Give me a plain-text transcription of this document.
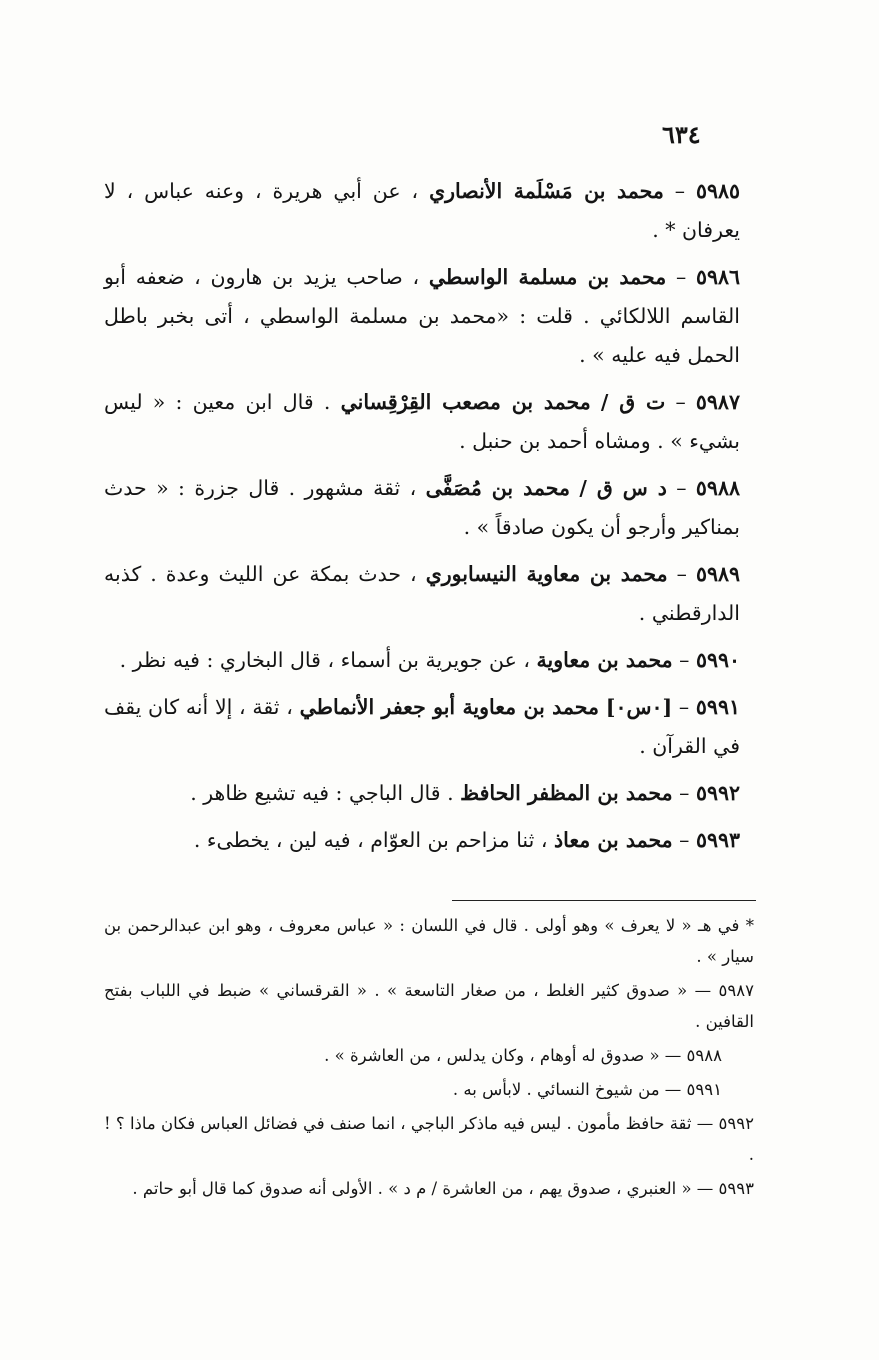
٦٣٤

٥٩٨٥ – محمد بن مَسْلَمة الأنصاري ، عن أبي هريرة ، وعنه عباس ، لا يعرفان * .

٥٩٨٦ – محمد بن مسلمة الواسطي ، صاحب يزيد بن هارون ، ضعفه أبو القاسم اللالكائي . قلت : «محمد بن مسلمة الواسطي ، أتى بخبر باطل الحمل فيه عليه » .

٥٩٨٧ – ت ق / محمد بن مصعب القِرْقِساني . قال ابن معين : « ليس بشيء » . ومشاه أحمد بن حنبل .

٥٩٨٨ – د س ق / محمد بن مُصَفَّى ، ثقة مشهور . قال جزرة : « حدث بمناكير وأرجو أن يكون صادقاً » .

٥٩٨٩ – محمد بن معاوية النيسابوري ، حدث بمكة عن الليث وعدة . كذبه الدارقطني .

٥٩٩٠ – محمد بن معاوية ، عن جويرية بن أسماء ، قال البخاري : فيه نظر .

٥٩٩١ – [٠س٠] محمد بن معاوية أبو جعفر الأنماطي ، ثقة ، إلا أنه كان يقف في القرآن .

٥٩٩٢ – محمد بن المظفر الحافظ . قال الباجي : فيه تشيع ظاهر .

٥٩٩٣ – محمد بن معاذ ، ثنا مزاحم بن العوّام ، فيه لين ، يخطىء .

* في هـ « لا يعرف » وهو أولى . قال في اللسان : « عباس معروف ، وهو ابن عبدالرحمن بن سيار » .

٥٩٨٧ — « صدوق كثير الغلط ، من صغار التاسعة » . « القرقساني » ضبط في اللباب بفتح القافين .

٥٩٨٨ — « صدوق له أوهام ، وكان يدلس ، من العاشرة » .

٥٩٩١ — من شيوخ النسائي . لابأس به .

٥٩٩٢ — ثقة حافظ مأمون . ليس فيه ماذكر الباجي ، انما صنف في فضائل العباس فكان ماذا ؟ ! .

٥٩٩٣ — « العنبري ، صدوق يهم ، من العاشرة / م د » . الأولى أنه صدوق كما قال أبو حاتم .
